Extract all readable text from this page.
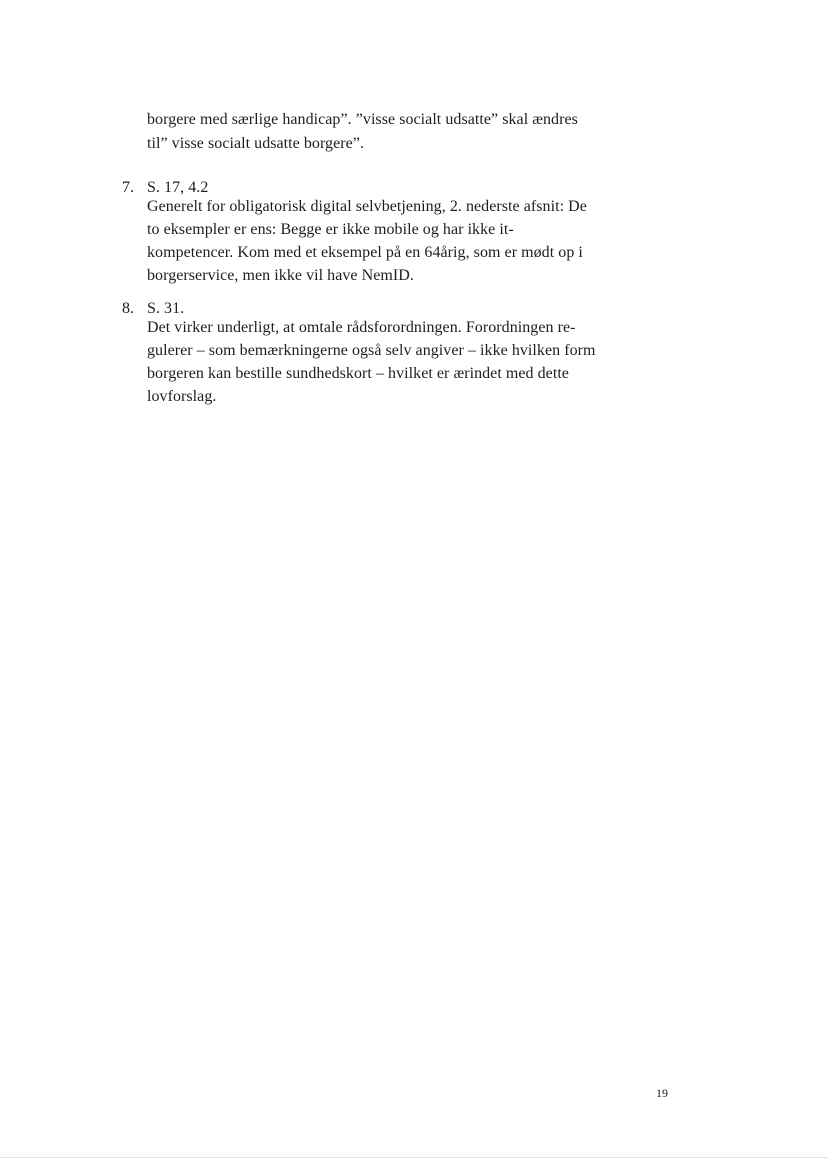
borgere med særlige handicap”. ”visse socialt udsatte” skal ændres
til” visse socialt udsatte borgere”.
7. S. 17, 4.2
Generelt for obligatorisk digital selvbetjening, 2. nederste afsnit: De
to eksempler er ens: Begge er ikke mobile og har ikke it-
kompetencer. Kom med et eksempel på en 64årig, som er mødt op i
borgerservice, men ikke vil have NemID.
8. S. 31.
Det virker underligt, at omtale rådsforordningen. Forordningen re-
gulerer – som bemærkningerne også selv angiver – ikke hvilken form
borgeren kan bestille sundhedskort – hvilket er ærindet med dette
lovforslag.
19
